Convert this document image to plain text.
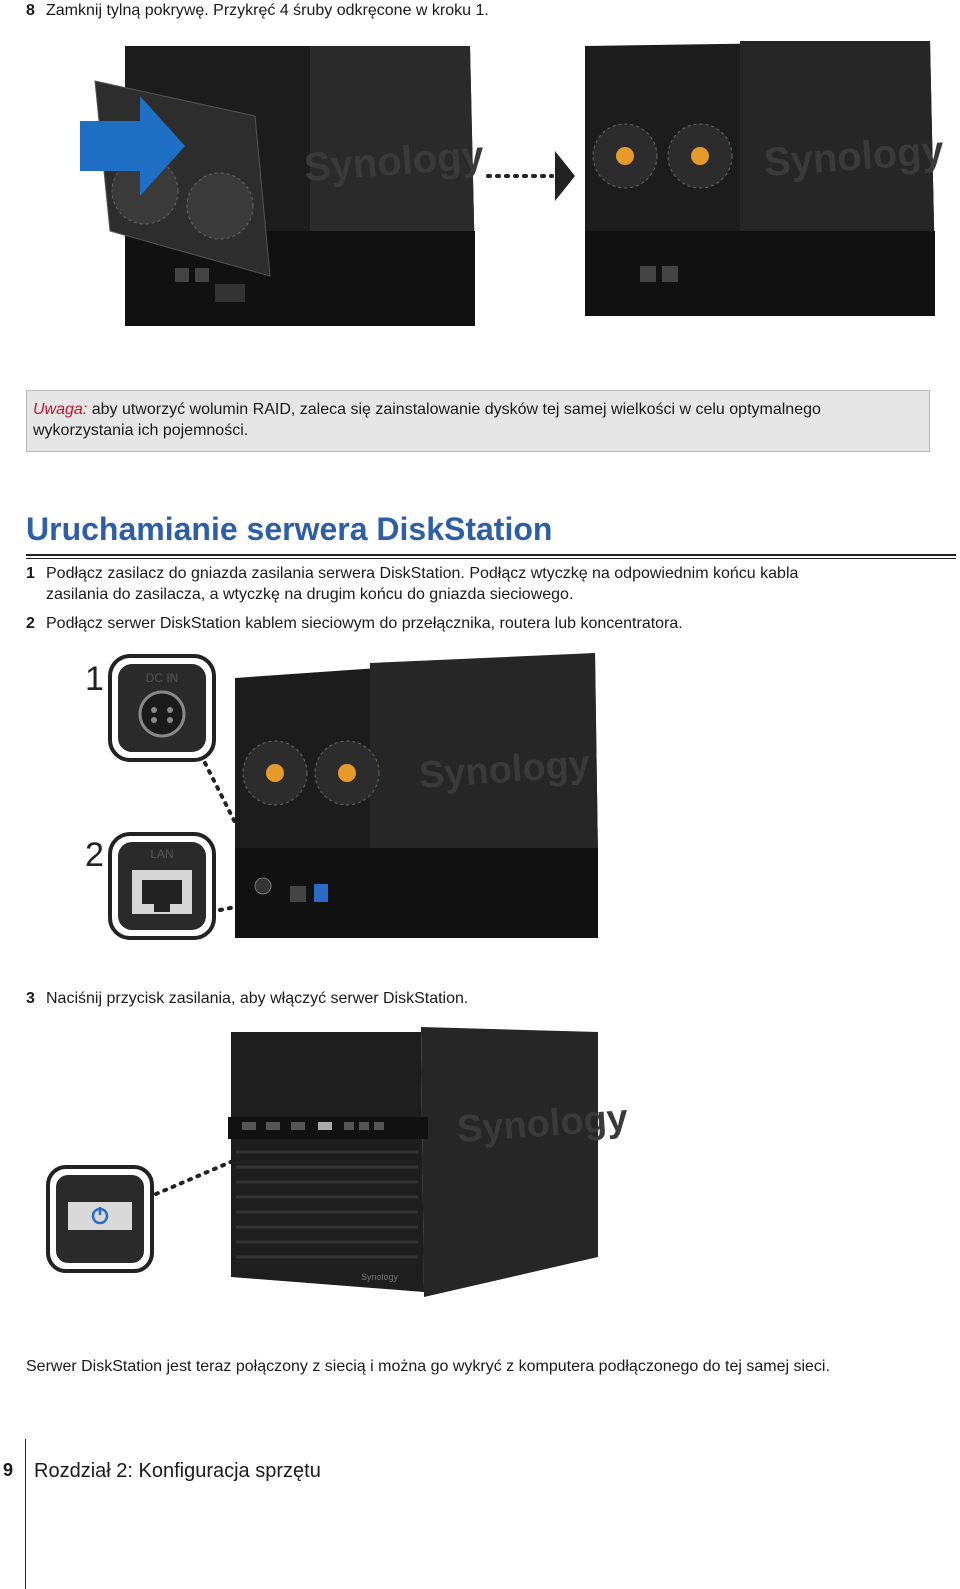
8 Zamknij tylną pokrywę. Przykręć 4 śruby odkręcone w kroku 1.
Synology	Synology
Uwaga: aby utworzyć wolumin RAID, zaleca się zainstalowanie dysków tej samej wielkości w celu optymalnego wykorzystania ich pojemności.
Uruchamianie serwera DiskStation
1 Podłącz zasilacz do gniazda zasilania serwera DiskStation. Podłącz wtyczkę na odpowiednim końcu kabla
zasilania do zasilacza, a wtyczkę na drugim końcu do gniazda sieciowego.
2 Podłącz serwer DiskStation kablem sieciowym do przełącznika, routera lub koncentratora.
1
2
DC IN
LAN
Synology
3 Naciśnij przycisk zasilania, aby włączyć serwer DiskStation.
Synology
Synology
Serwer DiskStation jest teraz połączony z siecią i można go wykryć z komputera podłączonego do tej samej sieci.
9 Rozdział 2: Konfiguracja sprzętu
